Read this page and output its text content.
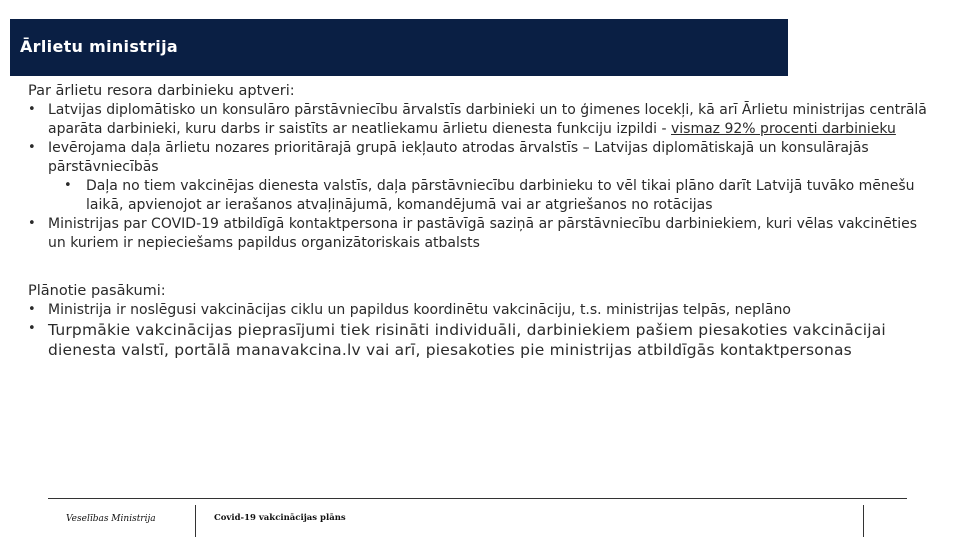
Ārlietu ministrija
Par ārlietu resora darbinieku aptveri:
• Latvijas diplomātisko un konsulāro pārstāvniecību ārvalstīs darbinieki un to ģimenes locekļi, kā arī Ārlietu ministrijas centrālā aparāta darbinieki, kuru darbs ir saistīts ar neatliekamu ārlietu dienesta funkciju izpildi - vismaz 92% procenti darbinieku
• Ievērojama daļa ārlietu nozares prioritārajā grupā iekļauto atrodas ārvalstīs – Latvijas diplomātiskajā un konsulārajās pārstāvniecībās
• Daļa no tiem vakcinējas dienesta valstīs, daļa pārstāvniecību darbinieku to vēl tikai plāno darīt Latvijā tuvāko mēnešu laikā, apvienojot ar ierašanos atvaļinājumā, komandējumā vai ar atgriešanos no rotācijas
• Ministrijas par COVID-19 atbildīgā kontaktpersona ir pastāvīgā saziņā ar pārstāvniecību darbiniekiem, kuri vēlas vakcinēties un kuriem ir nepieciešams papildus organizātoriskais atbalsts
Plānotie pasākumi:
• Ministrija ir noslēgusi vakcinācijas ciklu un papildus koordinētu vakcināciju, t.s. ministrijas telpās, neplāno
• Turpmākie vakcinācijas pieprasījumi tiek risināti individuāli, darbiniekiem pašiem piesakoties vakcinācijai dienesta valstī, portālā manavakcina.lv vai arī, piesakoties pie ministrijas atbildīgās kontaktpersonas
Veselības Ministrija	Covid-19 vakcinācijas plāns
